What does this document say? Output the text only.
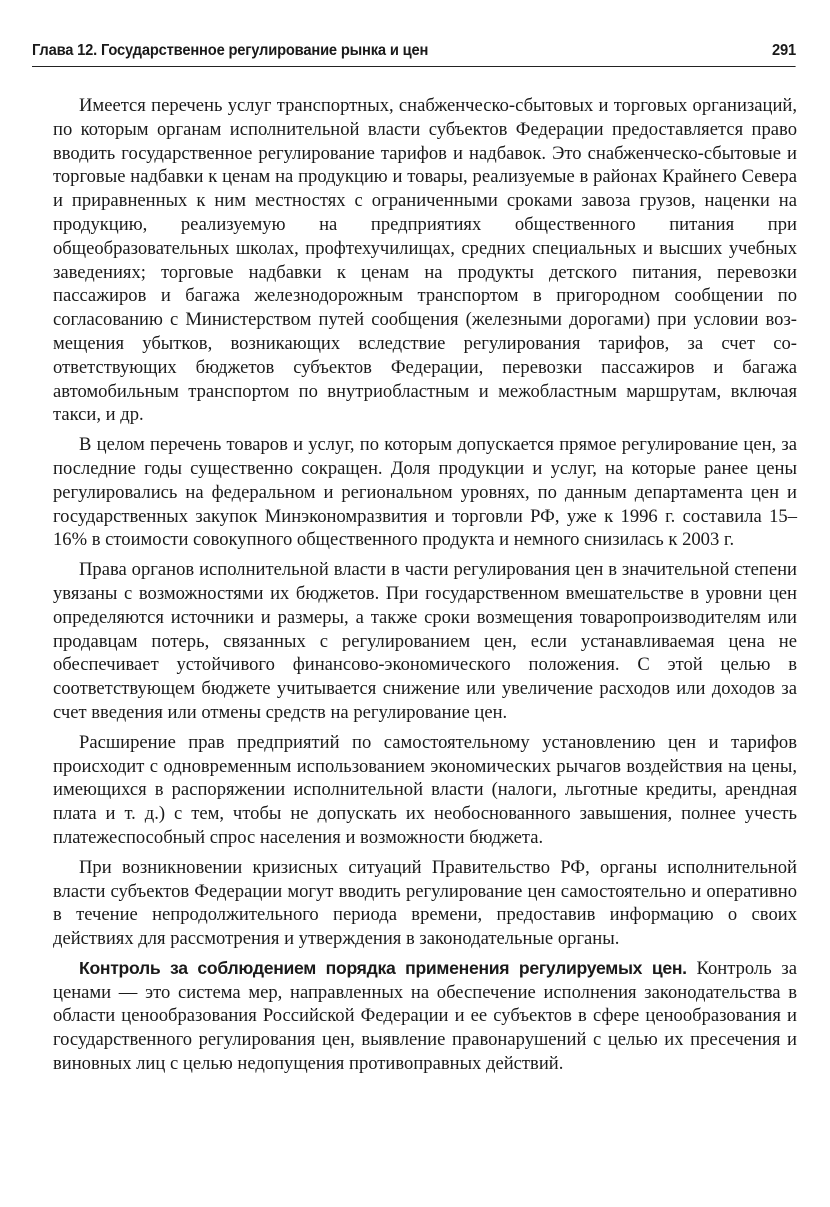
Глава 12. Государственное регулирование рынка и цен	291

Имеется перечень услуг транспортных, снабженческо-сбытовых и торговых организаций, по которым органам исполнительной власти субъектов Федерации предоставляется право вводить государственное регулирование тарифов и надбавок. Это снабженческо-сбытовые и торговые надбавки к ценам на продукцию и товары, реализуемые в районах Крайнего Севера и приравненных к ним местностях с ограниченными сроками завоза грузов, наценки на продукцию, реализуемую на предприятиях общественного питания при общеобразовательных школах, профтехучилищах, средних специальных и высших учебных заведениях; торговые надбавки к ценам на продукты детского питания, перевозки пассажиров и багажа железнодорожным транспортом в пригородном сообщении по согласованию с Министерством путей сообщения (железными дорогами) при условии возмещения убытков, возникающих вследствие регулирования тарифов, за счет соответствующих бюджетов субъектов Федерации, перевозки пассажиров и багажа автомобильным транспортом по внутриобластным и межобластным маршрутам, включая такси, и др.

В целом перечень товаров и услуг, по которым допускается прямое регулирование цен, за последние годы существенно сокращен. Доля продукции и услуг, на которые ранее цены регулировались на федеральном и региональном уровнях, по данным департамента цен и государственных закупок Минэкономразвития и торговли РФ, уже к 1996 г. составила 15–16% в стоимости совокупного общественного продукта и немного снизилась к 2003 г.

Права органов исполнительной власти в части регулирования цен в значительной степени увязаны с возможностями их бюджетов. При государственном вмешательстве в уровни цен определяются источники и размеры, а также сроки возмещения товаропроизводителям или продавцам потерь, связанных с регулированием цен, если устанавливаемая цена не обеспечивает устойчивого финансово-экономического положения. С этой целью в соответствующем бюджете учитывается снижение или увеличение расходов или доходов за счет введения или отмены средств на регулирование цен.

Расширение прав предприятий по самостоятельному установлению цен и тарифов происходит с одновременным использованием экономических рычагов воздействия на цены, имеющихся в распоряжении исполнительной власти (налоги, льготные кредиты, арендная плата и т. д.) с тем, чтобы не допускать их необоснованного завышения, полнее учесть платежеспособный спрос населения и возможности бюджета.

При возникновении кризисных ситуаций Правительство РФ, органы исполнительной власти субъектов Федерации могут вводить регулирование цен самостоятельно и оперативно в течение непродолжительного периода времени, предоставив информацию о своих действиях для рассмотрения и утверждения в законодательные органы.

Контроль за соблюдением порядка применения регулируемых цен. Контроль за ценами — это система мер, направленных на обеспечение исполнения законодательства в области ценообразования Российской Федерации и ее субъектов в сфере ценообразования и государственного регулирования цен, выявление правонарушений с целью их пресечения и виновных лиц с целью недопущения противоправных действий.
